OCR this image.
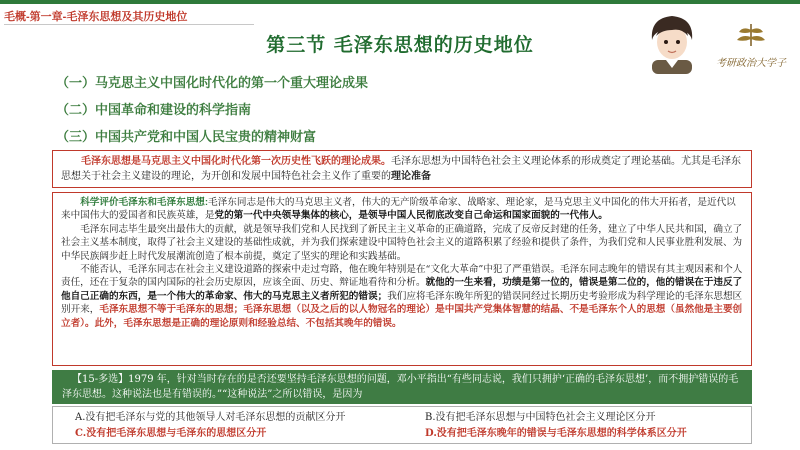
毛概-第一章-毛泽东思想及其历史地位
第三节 毛泽东思想的历史地位
考研政治大学子
（一）马克思主义中国化时代化的第一个重大理论成果
（二）中国革命和建设的科学指南
（三）中国共产党和中国人民宝贵的精神财富
毛泽东思想是马克思主义中国化时代化第一次历史性飞跃的理论成果。毛泽东思想为中国特色社会主义理论体系的形成奠定了理论基础。尤其是毛泽东思想关于社会主义建设的理论，为开创和发展中国特色社会主义作了重要的理论准备

科学评价毛泽东和毛泽东思想:毛泽东同志是伟大的马克思主义者，伟大的无产阶级革命家、战略家、理论家，是马克思主义中国化的伟大开拓者，是近代以来中国伟大的爱国者和民族英雄，是党的第一代中央领导集体的核心，是领导中国人民彻底改变自己命运和国家面貌的一代伟人。

毛泽东同志毕生最突出最伟大的贡献，就是领导我们党和人民找到了新民主主义革命的正确道路，完成了反帝反封建的任务，建立了中华人民共和国，确立了社会主义基本制度，取得了社会主义建设的基础性成就，并为我们探索建设中国特色社会主义的道路积累了经验和提供了条件，为我们党和人民事业胜利发展、为中华民族阔步赶上时代发展潮流创造了根本前提，奠定了坚实的理论和实践基础。

不能否认，毛泽东同志在社会主义建设道路的探索中走过弯路，他在晚年特别是在“文化大革命”中犯了严重错误。毛泽东同志晚年的错误有其主观因素和个人责任，还在于复杂的国内国际的社会历史原因，应该全面、历史、辩证地看待和分析。就他的一生来看，功绩是第一位的，错误是第二位的，他的错误在于违反了他自己正确的东西，是一个伟大的革命家、伟大的马克思主义者所犯的错误；我们应将毛泽东晚年所犯的错误同经过长期历史考验形成为科学理论的毛泽东思想区别开来，毛泽东思想不等于毛泽东的思想；毛泽东思想（以及之后的以人物冠名的理论）是中国共产党集体智慧的结晶、不是毛泽东个人的思想（虽然他是主要创立者）。此外，毛泽东思想是正确的理论原则和经验总结、不包括其晚年的错误。

【15-多选】1979 年，针对当时存在的是否还要坚持毛泽东思想的问题，邓小平指出“有些同志说，我们只拥护‘正确的毛泽东思想’，而不拥护错误的毛泽东思想。这种说法也是有错误的。”“这种说法”之所以错误，是因为
A.没有把毛泽东与党的其他领导人对毛泽东思想的贡献区分开	B.没有把毛泽东思想与中国特色社会主义理论区分开
C.没有把毛泽东思想与毛泽东的思想区分开	D.没有把毛泽东晚年的错误与毛泽东思想的科学体系区分开
